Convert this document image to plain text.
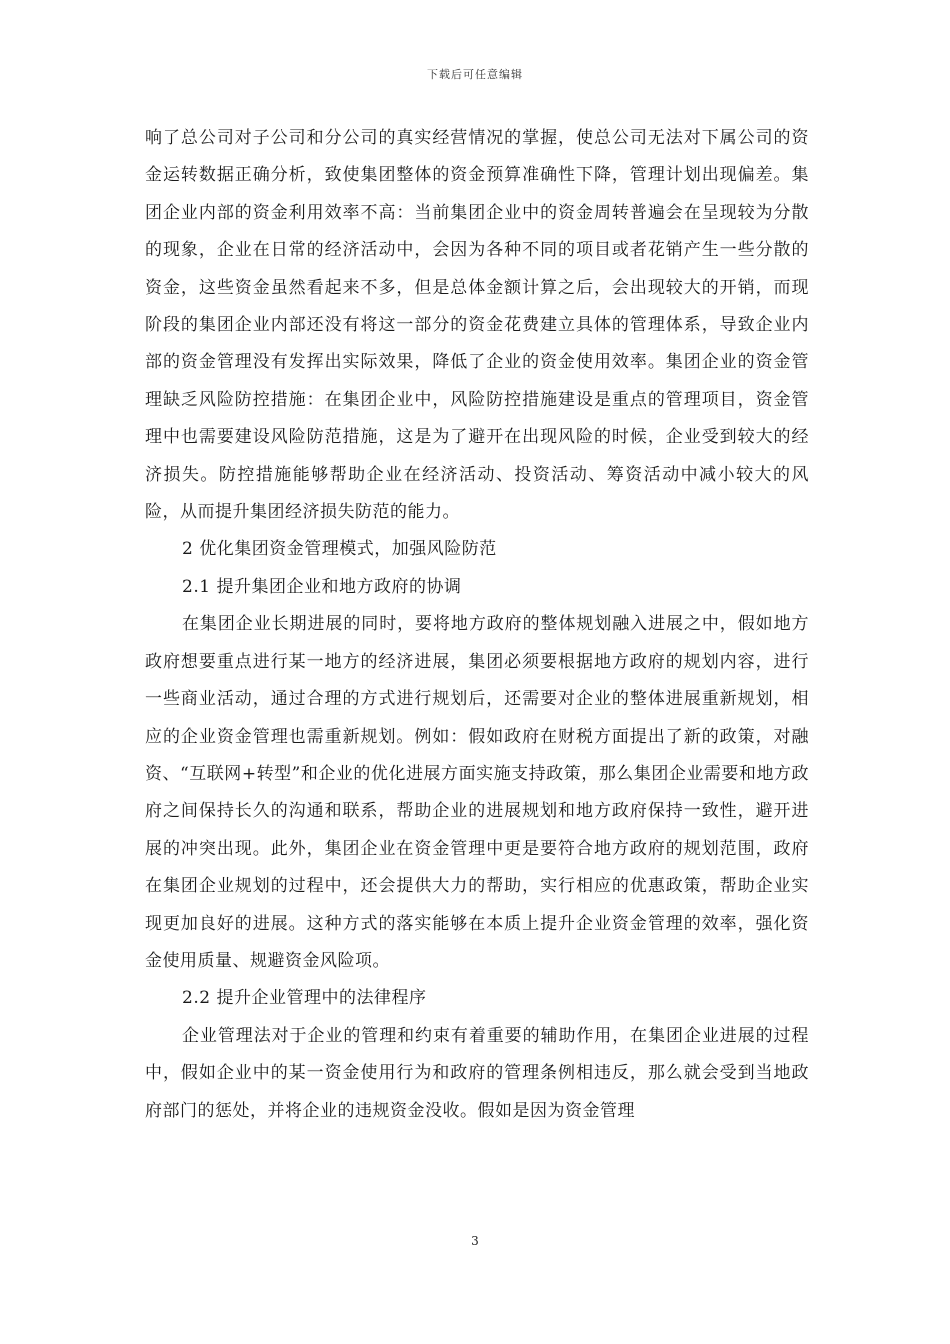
下载后可任意编辑

响了总公司对子公司和分公司的真实经营情况的掌握，使总公司无法对下属公司的资金运转数据正确分析，致使集团整体的资金预算准确性下降，管理计划出现偏差。集团企业内部的资金利用效率不高：当前集团企业中的资金周转普遍会在呈现较为分散的现象，企业在日常的经济活动中，会因为各种不同的项目或者花销产生一些分散的资金，这些资金虽然看起来不多，但是总体金额计算之后，会出现较大的开销，而现阶段的集团企业内部还没有将这一部分的资金花费建立具体的管理体系，导致企业内部的资金管理没有发挥出实际效果，降低了企业的资金使用效率。集团企业的资金管理缺乏风险防控措施：在集团企业中，风险防控措施建设是重点的管理项目，资金管理中也需要建设风险防范措施，这是为了避开在出现风险的时候，企业受到较大的经济损失。防控措施能够帮助企业在经济活动、投资活动、筹资活动中减小较大的风险，从而提升集团经济损失防范的能力。

2 优化集团资金管理模式，加强风险防范

2.1 提升集团企业和地方政府的协调

在集团企业长期进展的同时，要将地方政府的整体规划融入进展之中，假如地方政府想要重点进行某一地方的经济进展，集团必须要根据地方政府的规划内容，进行一些商业活动，通过合理的方式进行规划后，还需要对企业的整体进展重新规划，相应的企业资金管理也需重新规划。例如：假如政府在财税方面提出了新的政策，对融资、“互联网+转型”和企业的优化进展方面实施支持政策，那么集团企业需要和地方政府之间保持长久的沟通和联系，帮助企业的进展规划和地方政府保持一致性，避开进展的冲突出现。此外，集团企业在资金管理中更是要符合地方政府的规划范围，政府在集团企业规划的过程中，还会提供大力的帮助，实行相应的优惠政策，帮助企业实现更加良好的进展。这种方式的落实能够在本质上提升企业资金管理的效率，强化资金使用质量、规避资金风险项。

2.2 提升企业管理中的法律程序

企业管理法对于企业的管理和约束有着重要的辅助作用，在集团企业进展的过程中，假如企业中的某一资金使用行为和政府的管理条例相违反，那么就会受到当地政府部门的惩处，并将企业的违规资金没收。假如是因为资金管理

3
